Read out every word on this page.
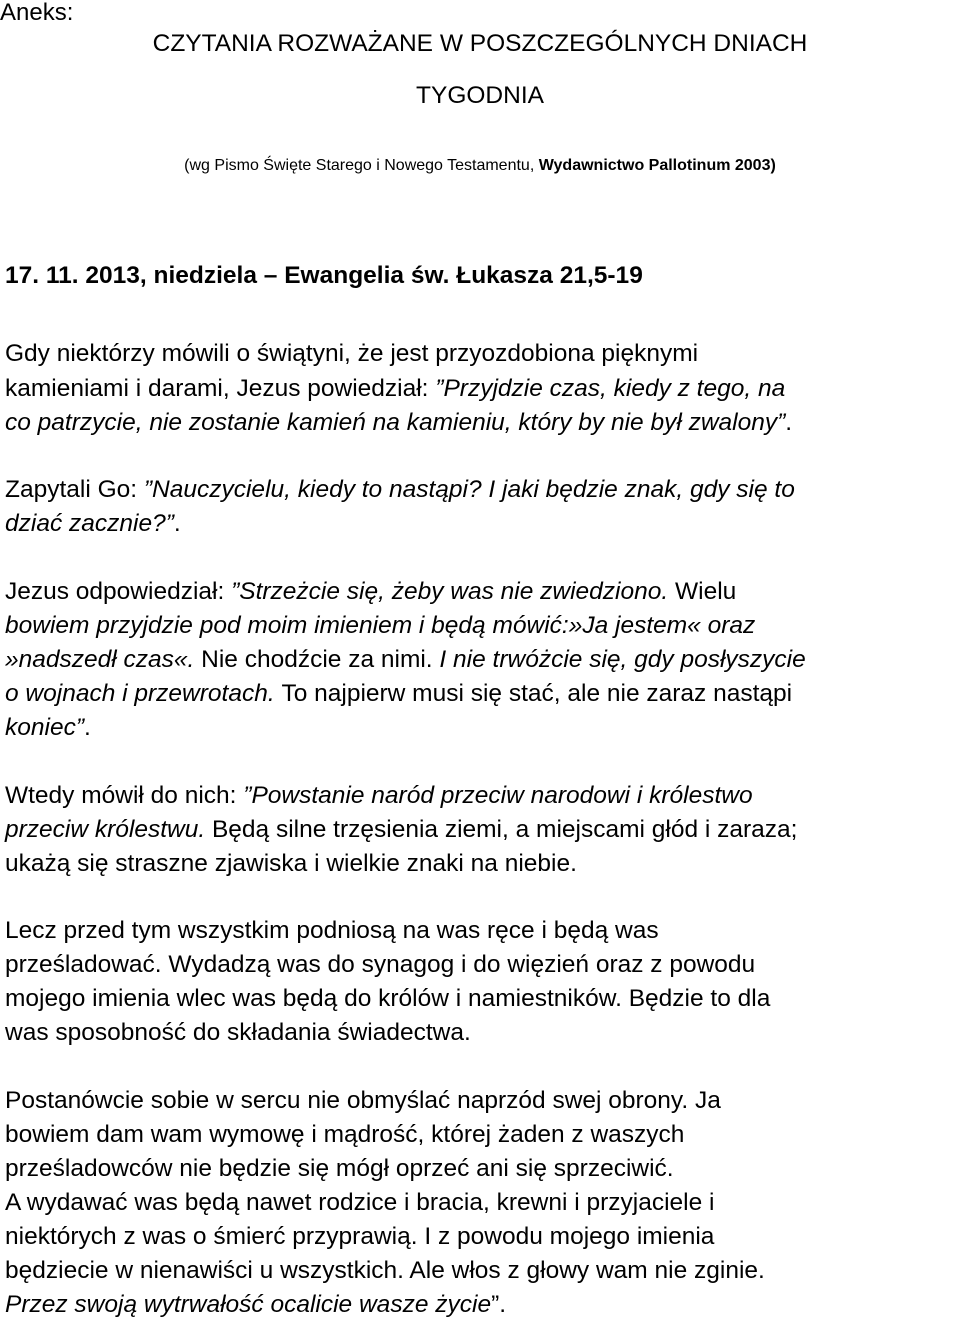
Aneks:
CZYTANIA ROZWAŻANE W POSZCZEGÓLNYCH DNIACH
TYGODNIA
(wg Pismo Święte Starego i Nowego Testamentu, Wydawnictwo Pallotinum 2003)
17. 11. 2013, niedziela – Ewangelia św. Łukasza 21,5-19
Gdy niektórzy mówili o świątyni, że jest przyozdobiona pięknymi
kamieniami i darami, Jezus powiedział: ”Przyjdzie czas, kiedy z tego, na
co patrzycie, nie zostanie kamień na kamieniu, który by nie był zwalony”.
Zapytali Go: ”Nauczycielu, kiedy to nastąpi? I jaki będzie znak, gdy się to
dziać zacznie?”.
Jezus odpowiedział: ”Strzeżcie się, żeby was nie zwiedziono. Wielu
bowiem przyjdzie pod moim imieniem i będą mówić:»Ja jestem« oraz
»nadszedł czas«. Nie chodźcie za nimi. I nie trwóżcie się, gdy posłyszycie
o wojnach i przewrotach. To najpierw musi się stać, ale nie zaraz nastąpi
koniec”.
Wtedy mówił do nich: ”Powstanie naród przeciw narodowi i królestwo
przeciw królestwu. Będą silne trzęsienia ziemi, a miejscami głód i zaraza;
ukażą się straszne zjawiska i wielkie znaki na niebie.
Lecz przed tym wszystkim podniosą na was ręce i będą was
prześladować. Wydadzą was do synagog i do więzień oraz z powodu
mojego imienia wlec was będą do królów i namiestników. Będzie to dla
was sposobność do składania świadectwa.
Postanówcie sobie w sercu nie obmyślać naprzód swej obrony. Ja
bowiem dam wam wymowę i mądrość, której żaden z waszych
prześladowców nie będzie się mógł oprzeć ani się sprzeciwić.
A wydawać was będą nawet rodzice i bracia, krewni i przyjaciele i
niektórych z was o śmierć przyprawią. I z powodu mojego imienia
będziecie w nienawiści u wszystkich. Ale włos z głowy wam nie zginie.
Przez swoją wytrwałość ocalicie wasze życie”.
